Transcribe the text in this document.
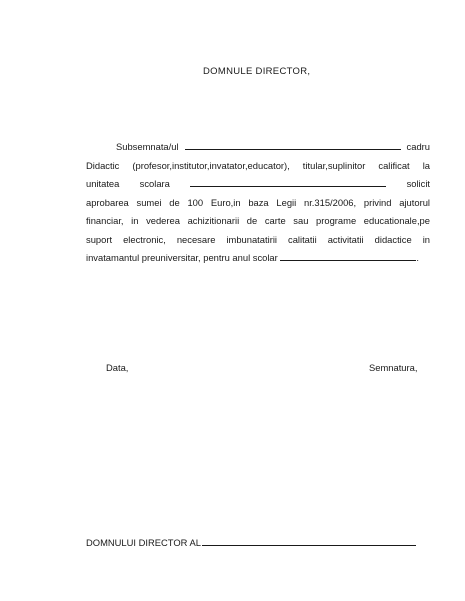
DOMNULE DIRECTOR,
Subsemnata/ul	cadru
Didactic (profesor,institutor,invatator,educator), titular,suplinitor calificat la
unitatea scolara	solicit
aprobarea sumei de 100 Euro,in baza Legii nr.315/2006, privind ajutorul
financiar, in vederea achizitionarii de carte sau programe educationale,pe
suport electronic, necesare imbunatatirii calitatii activitatii didactice in
invatamantul preuniversitar, pentru anul scolar	.
Data,	Semnatura,
DOMNULUI DIRECTOR AL
